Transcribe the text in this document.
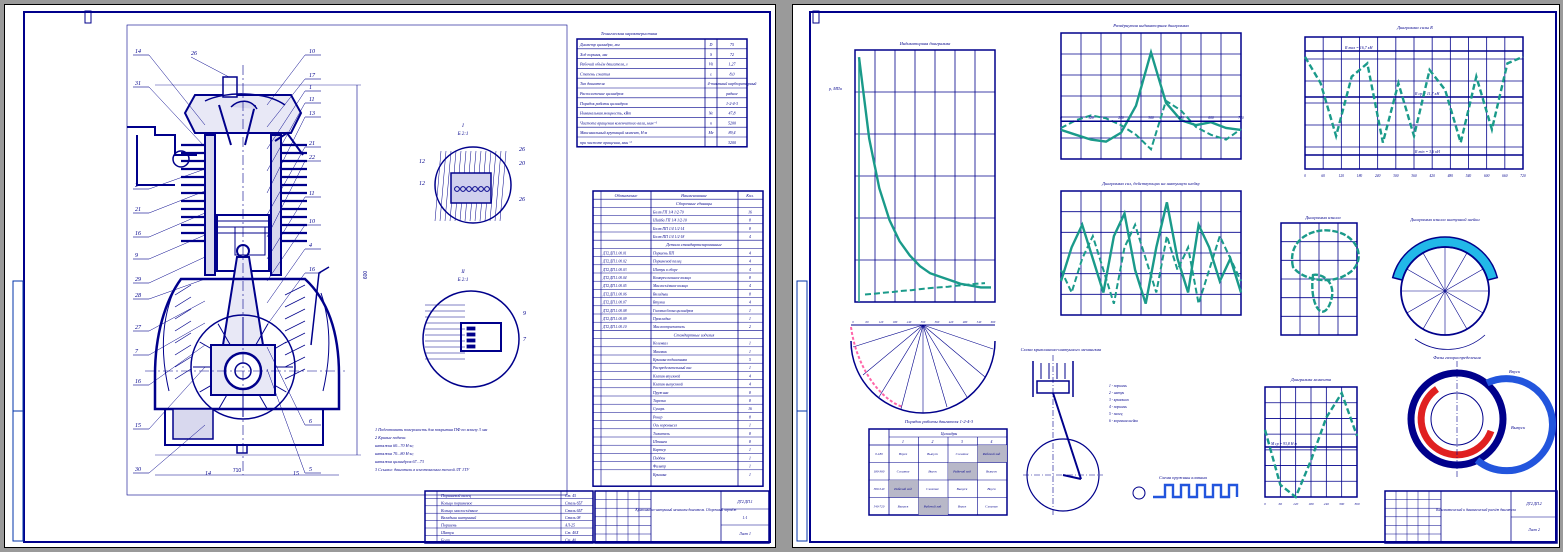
600
710
14
31
2
21
16
9
29
28
27
7
16
15
30
10
17
1
11
13
21
22
11
10
4
16
6
5
26
14	15
I
Б 2:1
12
12
26
20
26
II
Б 2:1
9
7
1 Подготовить поверхность для покрытия ПФ по эскизу 3 мм
2 Кривые подачи:
натяжка 60...70 Н·м;
натяжка 70...80 Н·м;
натяжка цилиндров 67...73
3 Ссылки: двигатель в изготовлении теплой ЛГ 1ТУ
Техническая характеристика
Диаметр цилиндра, мм	D	75
Ход поршня, мм	S	72
Рабочий объём двигателя, л	Vh	1,27
Степень сжатия	ε	8,0
Тип двигателя	4-тактный карбюраторный
Расположение цилиндров	рядное
Порядок работы цилиндров	1-2-4-3
Номинальная мощность, кВт	Ne	47,8
Частота вращения коленчатого вала, мин⁻¹	n	5200
Максимальный крутящий момент, Н·м	Me	89,4
при частоте вращения, мин⁻¹	3200
Обозначение	Наименование	Кол.
Сборочные единицы
Болт ГП 1/4 1/2·70	16
Шайба ГП 1/4 1/2·10	8
Болт ПП 1/4 1/2·14	8
Болт ПП 1/4 1/2·18	4
Детали стандартизированные
ДТ2.ДП.1.00.01	Поршень ПП	4
ДТ2.ДП.1.00.02	Поршневой палец	4
ДТ2.ДП.1.00.03	Шатун в сборе	4
ДТ2.ДП.1.00.04	Компрессионное кольцо	8
ДТ2.ДП.1.00.05	Маслосъёмное кольцо	4
ДТ2.ДП.1.00.06	Вкладыш	8
ДТ2.ДП.1.00.07	Втулка	4
ДТ2.ДП.1.00.08	Головка блока цилиндров	1
ДТ2.ДП.1.00.09	Прокладка	1
ДТ2.ДП.1.00.10	Маслоотражатель	2
Стандартные изделия
Коленвал	1
Маховик	1
Крышка подшипника	5
Распределительный вал	1
Клапан впускной	4
Клапан выпускной	4
Пружина	8
Тарелка	8
Сухарь	16
Рокер	8
Ось коромысел	1
Толкатель	8
Штанга	8
Картер	1
Поддон	1
Фильтр	1
Крышка	1
Поршневой палец	Ст. 45
Кольцо поршневое	Сталь 65Г
Кольцо маслосъёмное	Сталь 65Г
Вкладыш шатунный	Сталь 08
Поршень	АЛ-25
Шатун	Ст. 40Х
Болт	Ст. 40
Кривошипно-шатунный механизм двигателя. Сборочный чертёж
ДТ2.ДП.1
1:1
Лист 1
Индикаторная диаграмма
p, МПа
Развёрнутая индикаторная диаграмма
0	120	240	360	480	600	720
Диаграмма сил, действующих на шатунную шейку
Диаграмма силы R
R max = 16,7 кН
R ср = 11,7 кН
R min = 3,6 кН
0	60	120	180	240	300	360	420	480	540	600	660	720
Диаграмма износа	Диаграмма износа шатунной шейки
Фазы газораспределения
Впуск
Выпуск
0	60	120	180	240	300	360	420	480	540	600
Схема кривошипно-шатунного механизма
1 - поршень
2 - шатун
3 - кривошип
4 - поршень
5 - палец
6 - коренная шейка
Схема пружины клапана
Порядок работы двигателя 1-2-4-3
Цилиндры
1	2	3	4
0-180	Впуск	Выпуск	Сжатие	Рабочий ход
180-360	Сжатие	Впуск	Рабочий ход	Выпуск
360-540	Рабочий ход	Сжатие	Выпуск	Впуск
540-720	Выпуск	Рабочий ход	Впуск	Сжатие
Диаграмма момента
M ср = 93,8 Н·м
0	60	120	180	240	300	360
Кинематический и динамический расчёт двигателя
ДТ2.ДП.2
Лист 2
